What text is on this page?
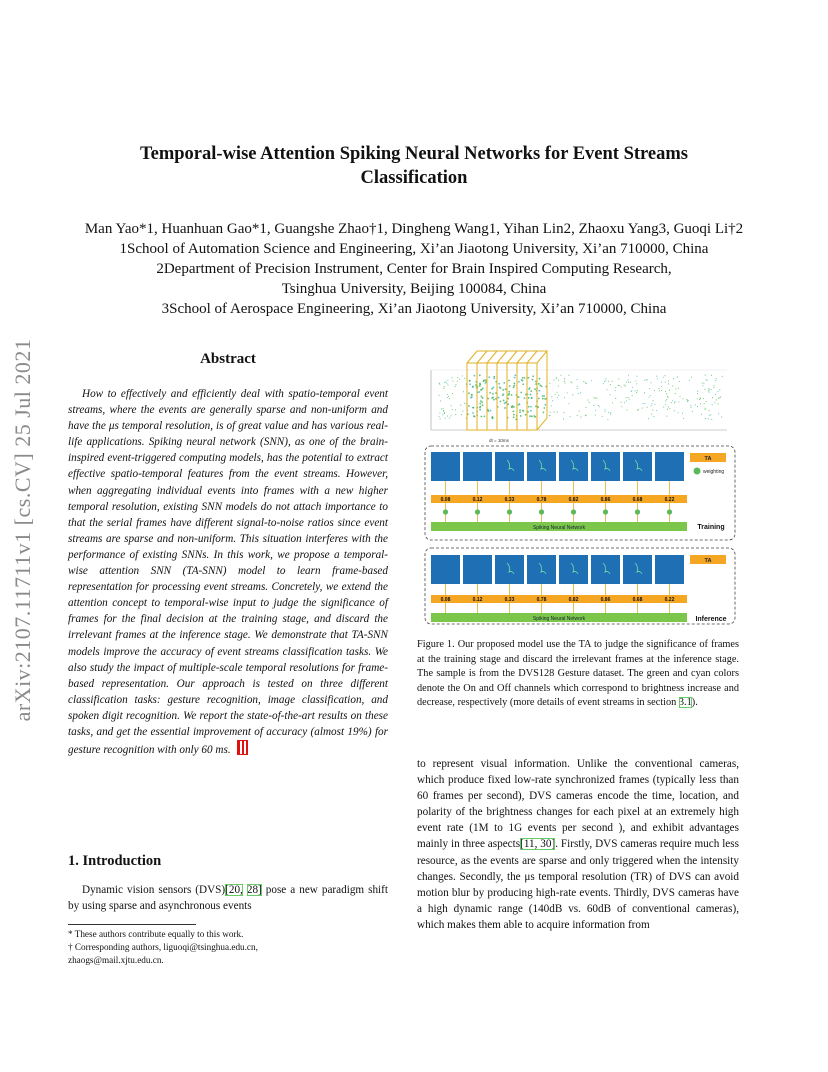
arXiv:2107.11711v1 [cs.CV] 25 Jul 2021
Temporal-wise Attention Spiking Neural Networks for Event Streams
Classification
Man Yao*1, Huanhuan Gao*1, Guangshe Zhao†1, Dingheng Wang1, Yihan Lin2, Zhaoxu Yang3, Guoqi Li†2
1School of Automation Science and Engineering, Xi’an Jiaotong University, Xi’an 710000, China
2Department of Precision Instrument, Center for Brain Inspired Computing Research,
Tsinghua University, Beijing 100084, China
3School of Aerospace Engineering, Xi’an Jiaotong University, Xi’an 710000, China
Abstract

How to effectively and efficiently deal with spatio-temporal event streams, where the events are generally sparse and non-uniform and have the μs temporal resolution, is of great value and has various real-life applications. Spiking neural network (SNN), as one of the brain-inspired event-triggered computing models, has the potential to extract effective spatio-temporal features from the event streams. However, when aggregating individual events into frames with a new higher temporal resolution, existing SNN models do not attach importance to that the serial frames have different signal-to-noise ratios since event streams are sparse and non-uniform. This situation interferes with the performance of existing SNNs. In this work, we propose a temporal-wise attention SNN (TA-SNN) model to learn frame-based representation for processing event streams. Concretely, we extend the attention concept to temporal-wise input to judge the significance of frames for the final decision at the training stage, and discard the irrelevant frames at the inference stage. We demonstrate that TA-SNN models improve the accuracy of event streams classification tasks. We also study the impact of multiple-scale temporal resolutions for frame-based representation. Our approach is tested on three different classification tasks: gesture recognition, image classification, and spoken digit recognition. We report the state-of-the-art results on these tasks, and get the essential improvement of accuracy (almost 19%) for gesture recognition with only 60 ms.

1. Introduction

Dynamic vision sensors (DVS)[20, 28] pose a new paradigm shift by using sparse and asynchronous events

* These authors contribute equally to this work.

† Corresponding authors, liguoqi@tsinghua.edu.cn,

zhaogs@mail.xjtu.edu.cn.

dt = 10ms
TA
weighting
0.08	0.12	0.33	0.78	0.82	0.86	0.68	0.22
Spiking Neural Network	Training
TA
0.08	0.12	0.33	0.78	0.82	0.86	0.68	0.22
Spiking Neural Network	Inference

Figure 1. Our proposed model use the TA to judge the significance of frames at the training stage and discard the irrelevant frames at the inference stage. The sample is from the DVS128 Gesture dataset. The green and cyan colors denote the On and Off channels which correspond to brightness increase and decrease, respectively (more details of event streams in section 3.1).

to represent visual information. Unlike the conventional cameras, which produce fixed low-rate synchronized frames (typically less than 60 frames per second), DVS cameras encode the time, location, and polarity of the brightness changes for each pixel at an extremely high event rate (1M to 1G events per second ), and exhibit advantages mainly in three aspects[11, 30]. Firstly, DVS cameras require much less resource, as the events are sparse and only triggered when the intensity changes. Secondly, the μs temporal resolution (TR) of DVS can avoid motion blur by producing high-rate events. Thirdly, DVS cameras have a high dynamic range (140dB vs. 60dB of conventional cameras), which makes them able to acquire information from
